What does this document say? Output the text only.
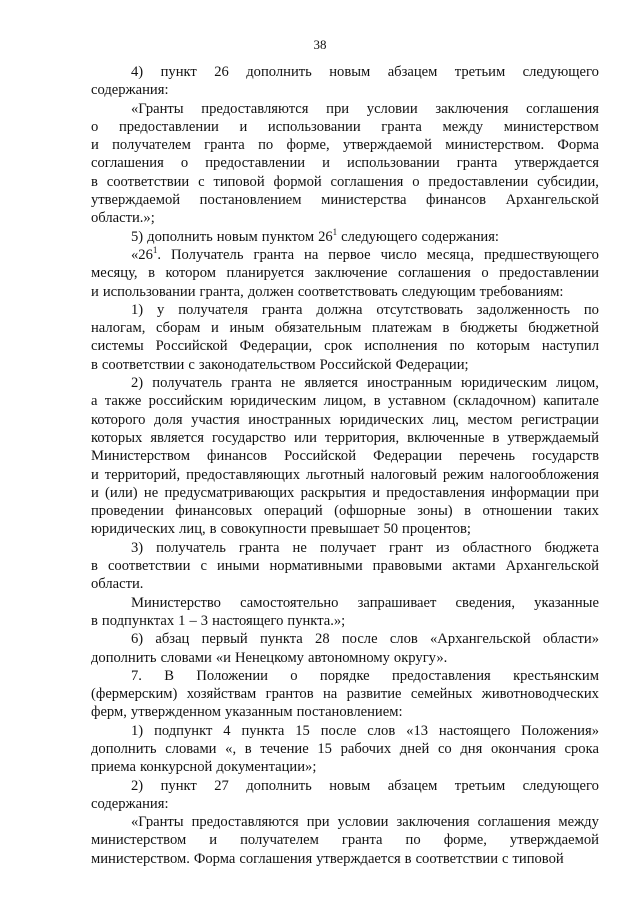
38
4) пункт 26 дополнить новым абзацем третьим следующего
содержания:
«Гранты предоставляются при условии заключения соглашения
о предоставлении и использовании гранта между министерством
и получателем гранта по форме, утверждаемой министерством. Форма
соглашения о предоставлении и использовании гранта утверждается
в соответствии с типовой формой соглашения о предоставлении субсидии,
утверждаемой постановлением министерства финансов Архангельской
области.»;
5) дополнить новым пунктом $26^1$ следующего содержания:
«$26^1$. Получатель гранта на первое число месяца, предшествующего
месяцу, в котором планируется заключение соглашения о предоставлении
и использовании гранта, должен соответствовать следующим требованиям:
1) у получателя гранта должна отсутствовать задолженность по
налогам, сборам и иным обязательным платежам в бюджеты бюджетной
системы Российской Федерации, срок исполнения по которым наступил
в соответствии с законодательством Российской Федерации;
2) получатель гранта не является иностранным юридическим лицом,
а также российским юридическим лицом, в уставном (складочном) капитале
которого доля участия иностранных юридических лиц, местом регистрации
которых является государство или территория, включенные в утверждаемый
Министерством финансов Российской Федерации перечень государств
и территорий, предоставляющих льготный налоговый режим налогообложения
и (или) не предусматривающих раскрытия и предоставления информации при
проведении финансовых операций (офшорные зоны) в отношении таких
юридических лиц, в совокупности превышает 50 процентов;
3) получатель гранта не получает грант из областного бюджета
в соответствии с иными нормативными правовыми актами Архангельской
области.
Министерство самостоятельно запрашивает сведения, указанные
в подпунктах 1 – 3 настоящего пункта.»;
6) абзац первый пункта 28 после слов «Архангельской области»
дополнить словами «и Ненецкому автономному округу».
7. В Положении о порядке предоставления крестьянским
(фермерским) хозяйствам грантов на развитие семейных животноводческих
ферм, утвержденном указанным постановлением:
1) подпункт 4 пункта 15 после слов «13 настоящего Положения»
дополнить словами «, в течение 15 рабочих дней со дня окончания срока
приема конкурсной документации»;
2) пункт 27 дополнить новым абзацем третьим следующего
содержания:
«Гранты предоставляются при условии заключения соглашения между
министерством и получателем гранта по форме, утверждаемой
министерством. Форма соглашения утверждается в соответствии с типовой
